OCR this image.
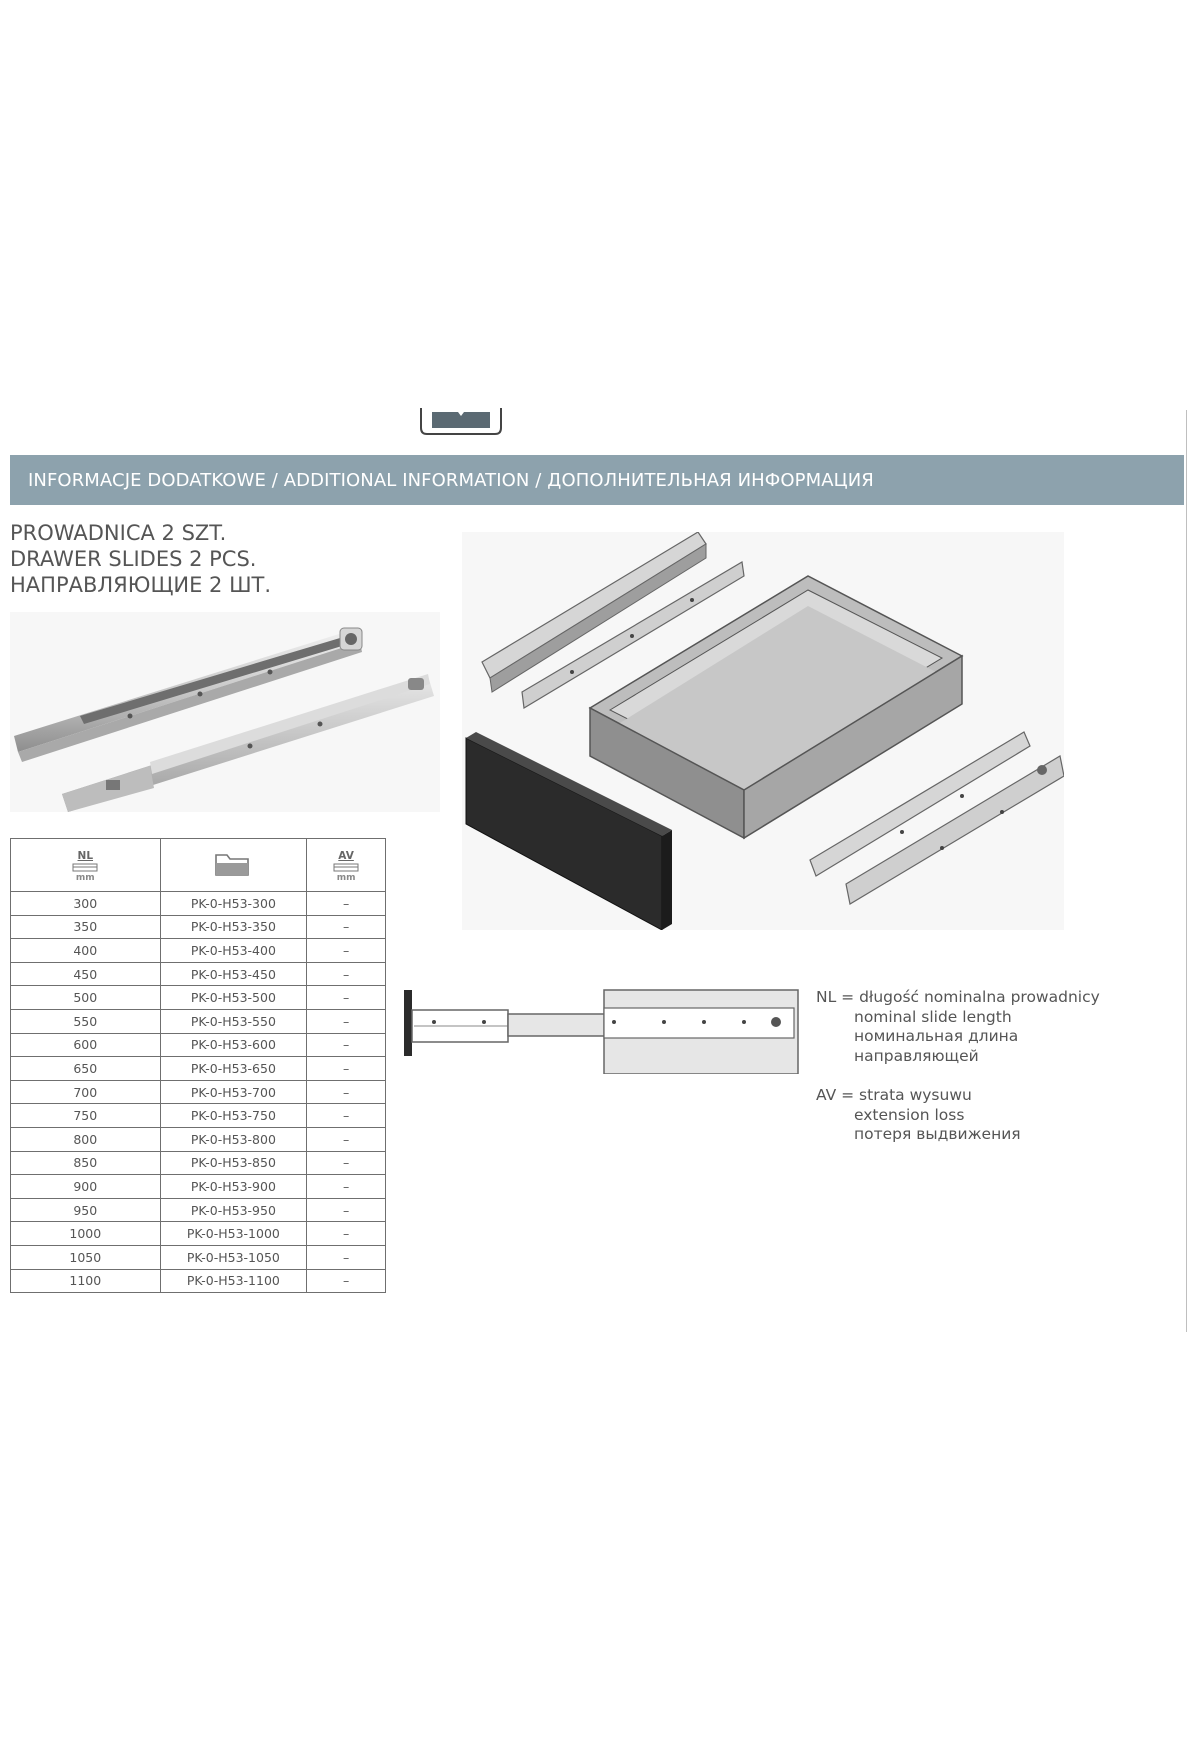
INFORMACJE DODATKOWE / ADDITIONAL INFORMATION / ДОПОЛНИТЕЛЬНАЯ ИНФОРМАЦИЯ
PROWADNICA 2 SZT.
DRAWER SLIDES 2 PCS.
НАПРАВЛЯЮЩИЕ 2 ШТ.
$\frac{NL}{mm}$		$\frac{AV}{mm}$

300	PK-0-H53-300	–
350	PK-0-H53-350	–
400	PK-0-H53-400	–
450	PK-0-H53-450	–
500	PK-0-H53-500	–
550	PK-0-H53-550	–
600	PK-0-H53-600	–
650	PK-0-H53-650	–
700	PK-0-H53-700	–
750	PK-0-H53-750	–
800	PK-0-H53-800	–
850	PK-0-H53-850	–
900	PK-0-H53-900	–
950	PK-0-H53-950	–
1000	PK-0-H53-1000	–
1050	PK-0-H53-1050	–
1100	PK-0-H53-1100	–
NL = długość nominalna prowadnicy
nominal slide length
номинальная длина
направляющей
AV = strata wysuwu
extension loss
потеря выдвижения
